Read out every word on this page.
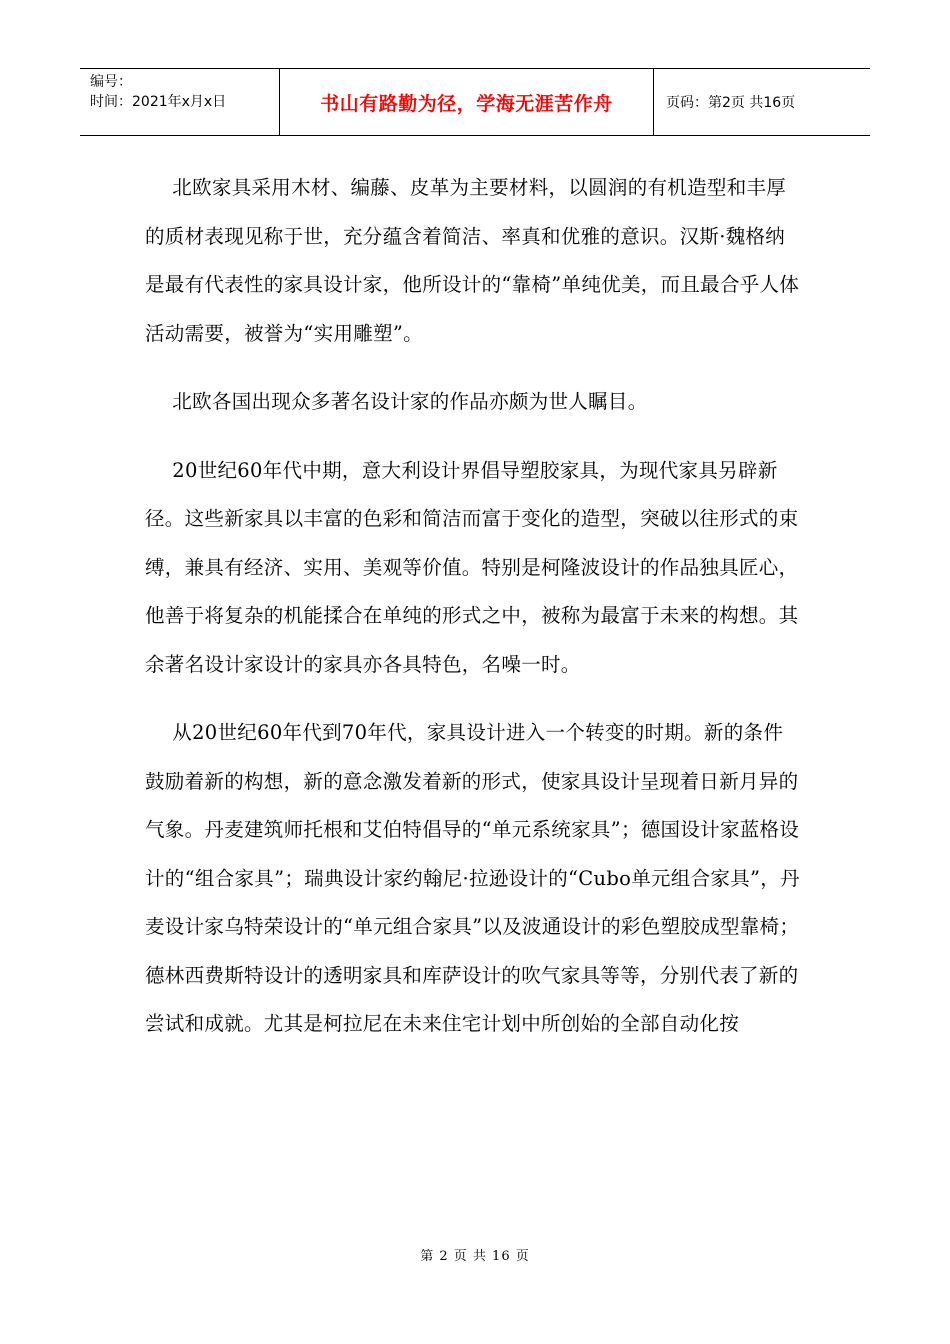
编号：
时间：2021年x月x日	书山有路勤为径，学海无涯苦作舟	页码：第2页 共16页

北欧家具采用木材、编藤、皮革为主要材料，以圆润的有机造型和丰厚的质材表现见称于世，充分蕴含着简洁、率真和优雅的意识。汉斯·魏格纳是最有代表性的家具设计家，他所设计的“靠椅”单纯优美，而且最合乎人体活动需要，被誉为“实用雕塑”。

北欧各国出现众多著名设计家的作品亦颇为世人瞩目。

20世纪60年代中期，意大利设计界倡导塑胶家具，为现代家具另辟新径。这些新家具以丰富的色彩和简洁而富于变化的造型，突破以往形式的束缚，兼具有经济、实用、美观等价值。特别是柯隆波设计的作品独具匠心，他善于将复杂的机能揉合在单纯的形式之中，被称为最富于未来的构想。其余著名设计家设计的家具亦各具特色，名噪一时。

从20世纪60年代到70年代，家具设计进入一个转变的时期。新的条件鼓励着新的构想，新的意念激发着新的形式，使家具设计呈现着日新月异的气象。丹麦建筑师托根和艾伯特倡导的“单元系统家具”；德国设计家蓝格设计的“组合家具”；瑞典设计家约翰尼·拉逊设计的“Cubo单元组合家具”，丹麦设计家乌特荣设计的“单元组合家具”以及波通设计的彩色塑胶成型靠椅；德林西费斯特设计的透明家具和库萨设计的吹气家具等等，分别代表了新的尝试和成就。尤其是柯拉尼在未来住宅计划中所创始的全部自动化按

第 2 页 共 16 页
